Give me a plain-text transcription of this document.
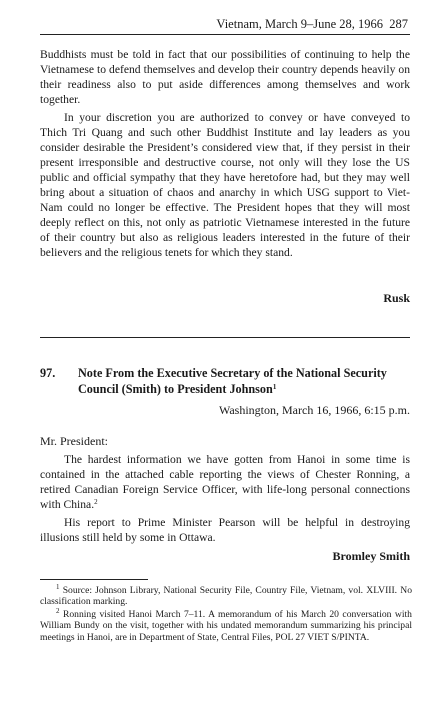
Vietnam, March 9–June 28, 1966 287

Buddhists must be told in fact that our possibilities of continuing to help the Vietnamese to defend themselves and develop their country depends heavily on their readiness also to put aside differences among themselves and work together.

In your discretion you are authorized to convey or have conveyed to Thich Tri Quang and such other Buddhist Institute and lay leaders as you consider desirable the President’s considered view that, if they persist in their present irresponsible and destructive course, not only will they lose the US public and official sympathy that they have heretofore had, but they may well bring about a situation of chaos and anarchy in which USG support to Viet-Nam could no longer be effective. The President hopes that they will most deeply reflect on this, not only as patriotic Vietnamese interested in the future of their country but also as religious leaders interested in the future of their believers and the religious tenets for which they stand.

Rusk
97. Note From the Executive Secretary of the National Security Council (Smith) to President Johnson$^1$
Washington, March 16, 1966, 6:15 p.m.
Mr. President:

The hardest information we have gotten from Hanoi in some time is contained in the attached cable reporting the views of Chester Ronning, a retired Canadian Foreign Service Officer, with life-long personal connections with China.$^2$

His report to Prime Minister Pearson will be helpful in destroying illusions still held by some in Ottawa.

Bromley Smith

$^1$ Source: Johnson Library, National Security File, Country File, Vietnam, vol. XLVIII. No classification marking.

$^2$ Ronning visited Hanoi March 7–11. A memorandum of his March 20 conversation with William Bundy on the visit, together with his undated memorandum summarizing his principal meetings in Hanoi, are in Department of State, Central Files, POL 27 VIET S/PINTA.
